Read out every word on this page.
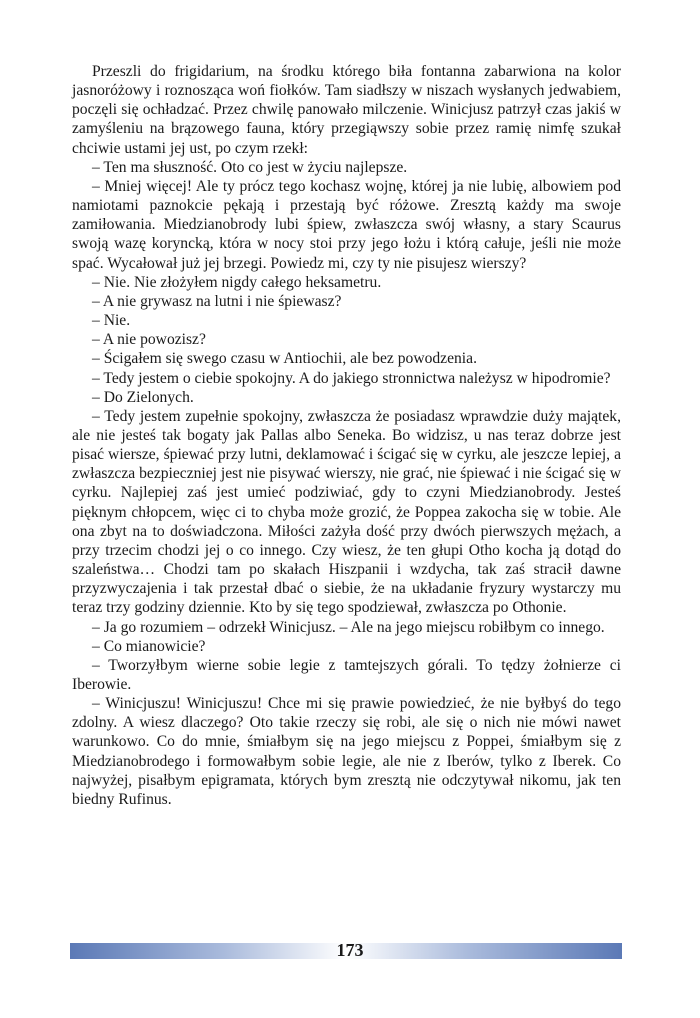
Przeszli do frigidarium, na środku którego biła fontanna zabarwiona na kolor jasnoróżowy i roznosząca woń fiołków. Tam siadłszy w niszach wysłanych jedwabiem, poczęli się ochładzać. Przez chwilę panowało milczenie. Winicjusz patrzył czas jakiś w zamyśleniu na brązowego fauna, który przegiąwszy sobie przez ramię nimfę szukał chciwie ustami jej ust, po czym rzekł:

– Ten ma słuszność. Oto co jest w życiu najlepsze.

– Mniej więcej! Ale ty prócz tego kochasz wojnę, której ja nie lubię, albowiem pod namiotami paznokcie pękają i przestają być różowe. Zresztą każdy ma swoje zamiłowania. Miedzianobrody lubi śpiew, zwłaszcza swój własny, a stary Scaurus swoją wazę koryncką, która w nocy stoi przy jego łożu i którą całuje, jeśli nie może spać. Wycałował już jej brzegi. Powiedz mi, czy ty nie pisujesz wierszy?

– Nie. Nie złożyłem nigdy całego heksametru.

– A nie grywasz na lutni i nie śpiewasz?

– Nie.

– A nie powozisz?

– Ścigałem się swego czasu w Antiochii, ale bez powodzenia.

– Tedy jestem o ciebie spokojny. A do jakiego stronnictwa należysz w hipodromie?

– Do Zielonych.

– Tedy jestem zupełnie spokojny, zwłaszcza że posiadasz wprawdzie duży majątek, ale nie jesteś tak bogaty jak Pallas albo Seneka. Bo widzisz, u nas teraz dobrze jest pisać wiersze, śpiewać przy lutni, deklamować i ścigać się w cyrku, ale jeszcze lepiej, a zwłaszcza bezpieczniej jest nie pisywać wierszy, nie grać, nie śpiewać i nie ścigać się w cyrku. Najlepiej zaś jest umieć podziwiać, gdy to czyni Miedzianobrody. Jesteś pięknym chłopcem, więc ci to chyba może grozić, że Poppea zakocha się w tobie. Ale ona zbyt na to doświadczona. Miłości zażyła dość przy dwóch pierwszych mężach, a przy trzecim chodzi jej o co innego. Czy wiesz, że ten głupi Otho kocha ją dotąd do szaleństwa… Chodzi tam po skałach Hiszpanii i wzdycha, tak zaś stracił dawne przyzwyczajenia i tak przestał dbać o siebie, że na układanie fryzury wystarczy mu teraz trzy godziny dziennie. Kto by się tego spodziewał, zwłaszcza po Othonie.

– Ja go rozumiem – odrzekł Winicjusz. – Ale na jego miejscu robiłbym co innego.

– Co mianowicie?

– Tworzyłbym wierne sobie legie z tamtejszych górali. To tędzy żołnierze ci Iberowie.

– Winicjuszu! Winicjuszu! Chce mi się prawie powiedzieć, że nie byłbyś do tego zdolny. A wiesz dlaczego? Oto takie rzeczy się robi, ale się o nich nie mówi nawet warunkowo. Co do mnie, śmiałbym się na jego miejscu z Poppei, śmiałbym się z Miedzianobrodego i formowałbym sobie legie, ale nie z Iberów, tylko z Iberek. Co najwyżej, pisałbym epigramata, których bym zresztą nie odczytywał nikomu, jak ten biedny Rufinus.

173
